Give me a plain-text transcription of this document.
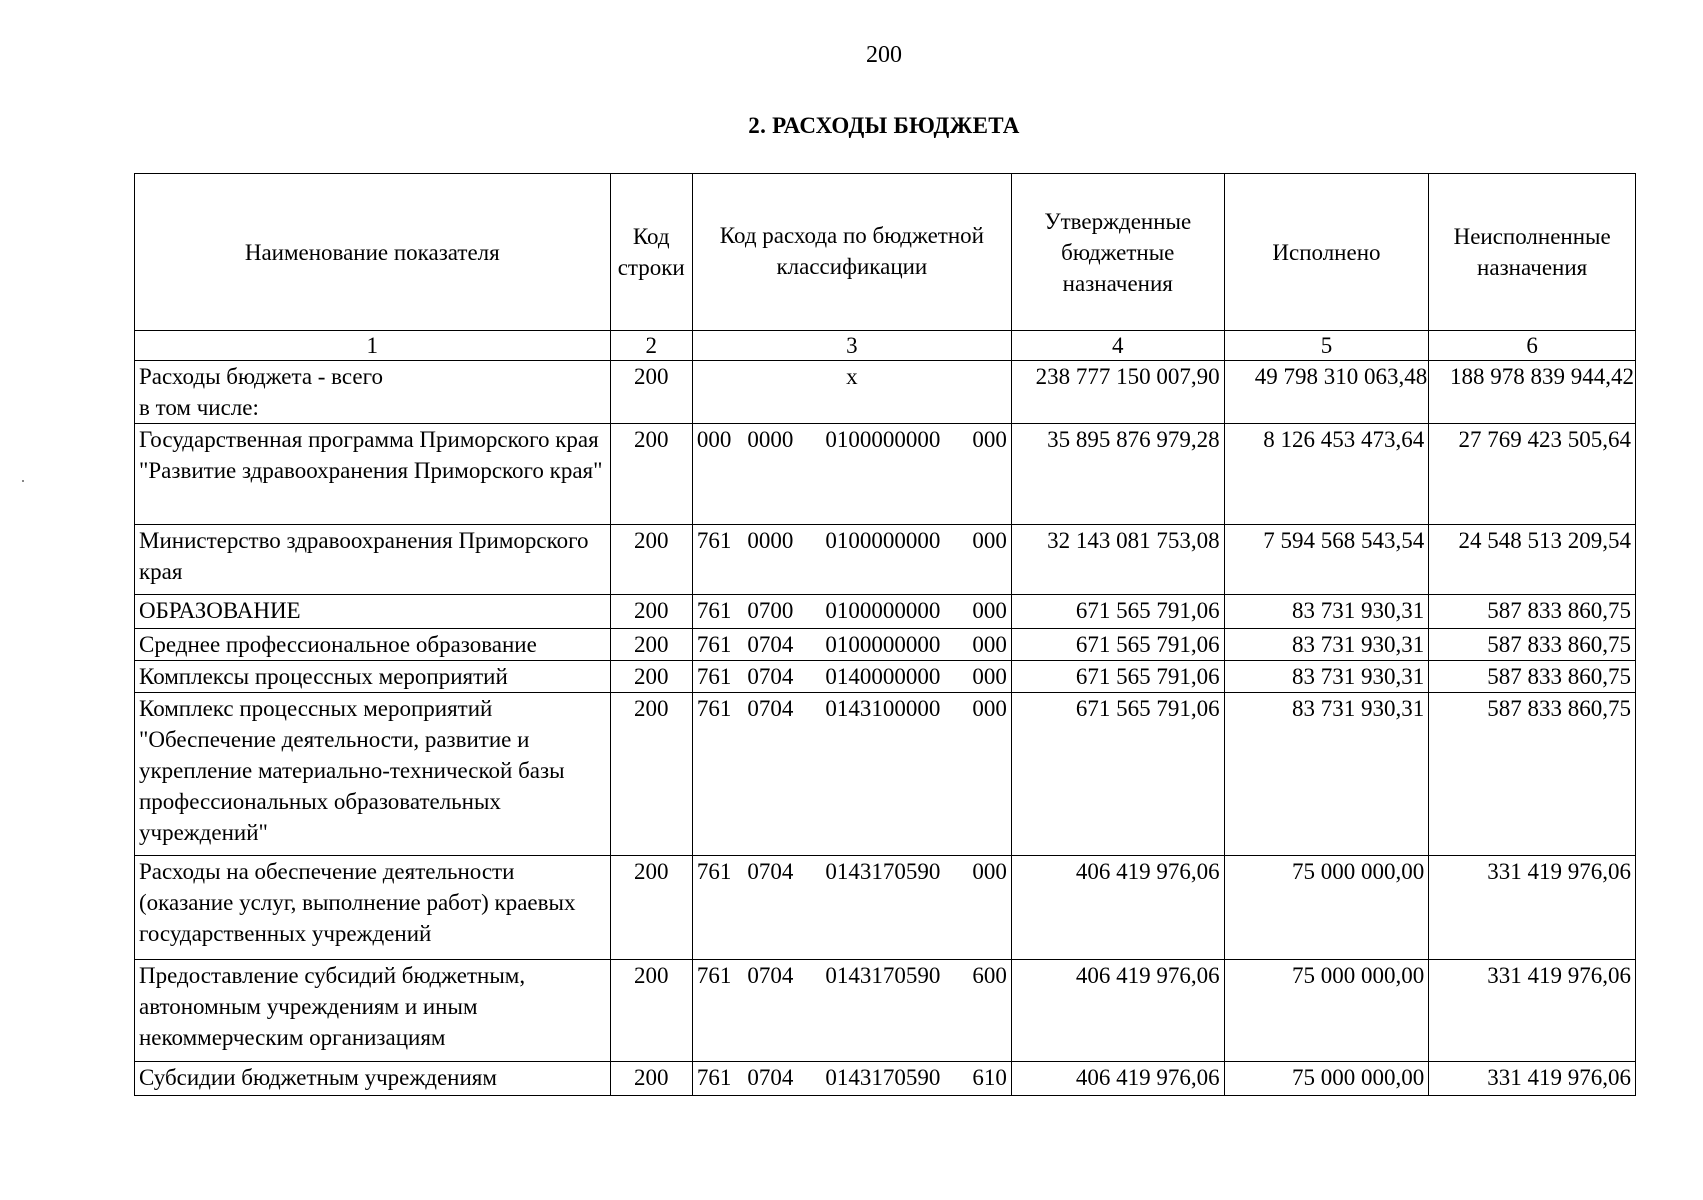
200
2. РАСХОДЫ БЮДЖЕТА
Наименование показателя	Код строки	Код расхода по бюджетной классификации	Утвержденные бюджетные назначения	Исполнено	Неисполненные назначения
1	2	3	4	5	6

Расходы бюджета - всего
в том числе:	200	x	238 777 150 007,90	49 798 310 063,48	188 978 839 944,42
Государственная программа Приморского края "Развитие здравоохранения Приморского края"	200	000 0000 0100000000 000	35 895 876 979,28	8 126 453 473,64	27 769 423 505,64
Министерство здравоохранения Приморского края	200	761 0000 0100000000 000	32 143 081 753,08	7 594 568 543,54	24 548 513 209,54
ОБРАЗОВАНИЕ	200	761 0700 0100000000 000	671 565 791,06	83 731 930,31	587 833 860,75
Среднее профессиональное образование	200	761 0704 0100000000 000	671 565 791,06	83 731 930,31	587 833 860,75
Комплексы процессных мероприятий	200	761 0704 0140000000 000	671 565 791,06	83 731 930,31	587 833 860,75
Комплекс процессных мероприятий "Обеспечение деятельности, развитие и укрепление материально-технической базы профессиональных образовательных учреждений"	200	761 0704 0143100000 000	671 565 791,06	83 731 930,31	587 833 860,75
Расходы на обеспечение деятельности (оказание услуг, выполнение работ) краевых государственных учреждений	200	761 0704 0143170590 000	406 419 976,06	75 000 000,00	331 419 976,06
Предоставление субсидий бюджетным, автономным учреждениям и иным некоммерческим организациям	200	761 0704 0143170590 600	406 419 976,06	75 000 000,00	331 419 976,06
Субсидии бюджетным учреждениям	200	761 0704 0143170590 610	406 419 976,06	75 000 000,00	331 419 976,06
